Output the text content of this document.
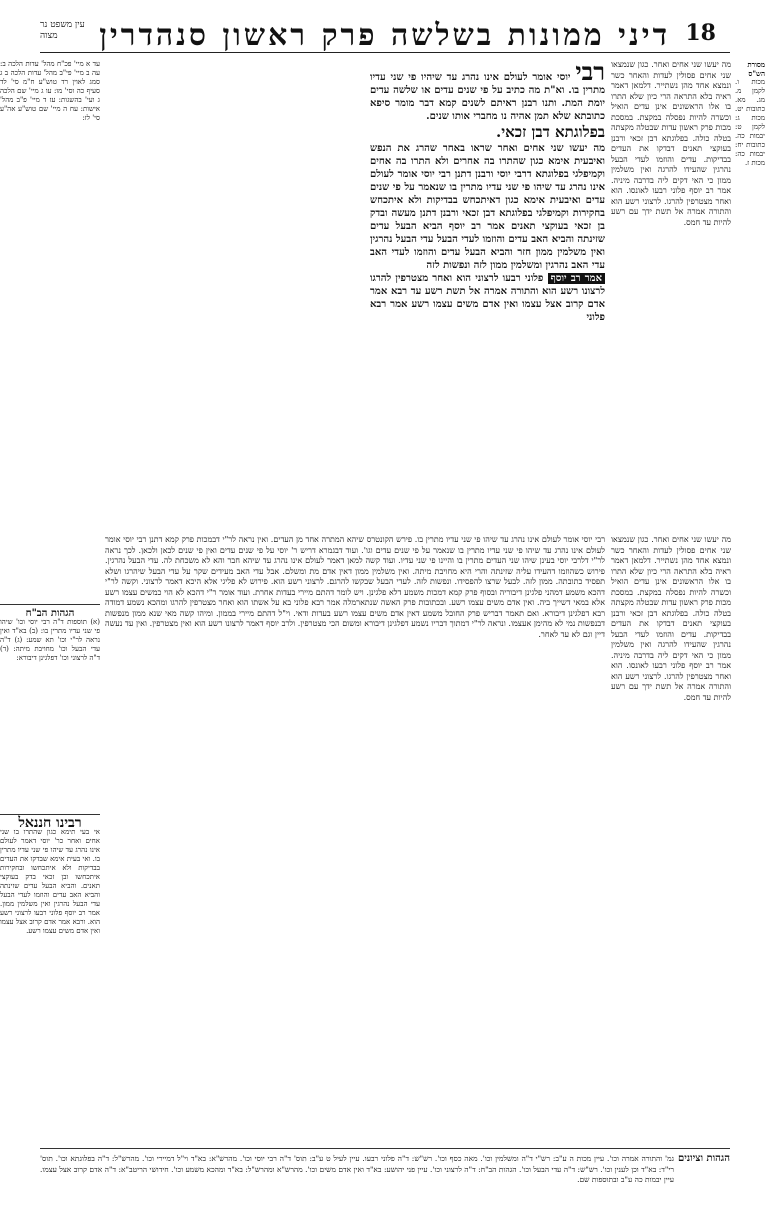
18
דיני ממונות בשלשה פרק ראשון סנהדרין
עין משפט נר מצוה

מסורת הש"ס

מכות ו. לקמן מ. מג. מא. כתובות יט. מכות ג: לקמן ט: יבמות כה. כתובות יח: יבמות כה: מכות ז.

מה יעשו שני אחים ואחר. כגון שנמצאו שני אחים פסולין לעדות והאחר כשר ונמצא אחד מהן נשתייר. דלמאן דאמר ראיה בלא התראה הרי כיון שלא התרו בו אלו הראשונים אינן עדים הואיל וכשרה להיות נפסלה במקצת. במסכת מכות פרק ראשון עדות שבטלה מקצתה בטלה כולה. בפלוגתא דבן זכאי ורבנן בעוקצי תאנים דבדקו את העדים בבדיקות. עדים והוזמו לעדי הבעל נהרגין שהעידו להרגה ואין משלמין ממון כי האי דקים ליה בדרבה מיניה. אמר רב יוסף פלוני רבעו לאונסו. הוא ואחר מצטרפין להרגו. לרצוני רשע הוא והתורה אמרה אל תשת ידך עם רשע להיות עד חמס.

רבי יוסי אומר לעולם אינו נהרג עד שיהיו פי שני עדיו מתרין בו. וא"ת מה כתיב על פי שנים עדים או שלשה עדים יומת המת. ותנו רבנן ראיתם לשנים קמא דבר מומר סיפא כתובתא שלא תמן אהיה נו מחברי אותו שנים.

בפלוגתא דבן זכאי.

מה יעשו שני אחים ואחר שראו באחר שהרג את הנפש ואיבעית אימא כגון שהתרו בה אחרים ולא התרו בה אחים וקמיפלגי בפלוגתא דרבי יוסי ורבנן דתנן רבי יוסי אומר לעולם אינו נהרג עד שיהו פי שני עדיו מתרין בו שנאמר על פי שנים עדים ואיבעית אימא כגון דאיתכחש בבדיקות ולא איתכחש בחקירות וקמיפלגי בפלוגתא דבן זכאי ורבנן דתנן מעשה ובדק בן זכאי בעוקצי תאנים אמר רב יוסף הביא הבעל עדים שזינתה והביא האב עדים והוזמו לעדי הבעל עדי הבעל נהרגין ואין משלמין ממון חזר והביא הבעל עדים והוזמו לעדי האב עדי האב נהרגין ומשלמין ממון לזה ונפשות לזה

אמר רב יוסף פלוני רבעו לרצוני הוא ואחר מצטרפין להרגו לרצונו רשע הוא והתורה אמרה אל תשת רשע עד רבא אמר אדם קרוב אצל עצמו ואין אדם משים עצמו רשע אמר רבא פלוני

רבי יוסי אומר לעולם אינו נהרג עד שיהו פי שני עדיו מתרין בו. פירש הקונטרס שיהא המתרה אחד מן העדים. ואין נראה לר"י דבמכות פרק קמא דתנן רבי יוסי אומר לעולם אינו נהרג עד שיהו פי שני עדיו מתרין בו שנאמר על פי שנים עדים וגו'. ועוד דבגמרא דריש ר' יוסי על פי שנים עדים ואין פי שנים לכאן ולכאן. לכך נראה לר"י דלרבי יוסי בעינן שיהו שני העדים מתרין בו והיינו פי שני עדיו. ועוד קשה למאן דאמר לעולם אינו נהרג עד שיהא חבר והא לא משכחת לה. עדי הבעל נהרגין. פירוש כשהוזמו דהעידו עליה שזינתה והרי היא מחויבת מיתה. ואין משלמין ממון דאין אדם מת ומשלם. אבל עדי האב מעידים שקר על עדי הבעל שיהרגו ושלא תפסיד כתובתה. ממון לזה. לבעל שרצו להפסידו. ונפשות לזה. לעדי הבעל שבקשו להרגם. לרצוני רשע הוא. פירוש לא פליגי אלא היכא דאמר לרצוני. וקשה לר"י דהכא משמע דמהני פלגינן דיבוריה ובסוף פרק קמא דמכות משמע דלא פלגינן. ויש לומר דהתם מיירי בעדות אחרת. ועוד אומר ר"י דהכא לא הוי כמשים עצמו רשע אלא במאי דשייך ביה. ואין אדם משים עצמו רשע. ובכתובות פרק האשה שנתארמלה אמר רבא פלוני בא על אשתו הוא ואחר מצטרפין להרגו ומהכא נשמע דמודה רבא דפלגינן דיבורא. ואם תאמר דבריש פרק החובל משמע דאין אדם משים עצמו רשע בעדות ודאי. וי"ל דהתם מיירי בממון. ומיהו קשה מאי שנא ממון מנפשות דבנפשות נמי לא מהימן אעצמו. ונראה לר"י דמתוך דבריו נשמע דפלגינן דיבורא ומשום הכי מצטרפין. ולרב יוסף דאמר לרצונו רשע הוא ואין מצטרפין. ואין עד נעשה דיין וגם לא עד לאחר.

מה יעשו שני אחים ואחר. כגון שנמצאו שני אחים פסולין לעדות והאחר כשר ונמצא אחד מהן נשתייר. דלמאן דאמר ראיה בלא התראה הרי כיון שלא התרו בו אלו הראשונים אינן עדים הואיל וכשרה להיות נפסלה במקצת. במסכת מכות פרק ראשון עדות שבטלה מקצתה בטלה כולה. בפלוגתא דבן זכאי ורבנן בעוקצי תאנים דבדקו את העדים בבדיקות. עדים והוזמו לעדי הבעל נהרגין שהעידו להרגה ואין משלמין ממון כי האי דקים ליה בדרבה מיניה. אמר רב יוסף פלוני רבעו לאונסו. הוא ואחר מצטרפין להרגו. לרצוני רשע הוא והתורה אמרה אל תשת ידך עם רשע להיות עד חמס.

עד א מיי' פכ"ח מהל' עדות הלכה ב: עה ב מיי' פי"ב מהל' עדות הלכה ב ג סמג לאוין רד טוש"ע ח"מ סי' לד סעיף כה וסי' מו: עו ג מיי' שם הלכה ג ועי' בהשגות: עז ד מיי' פ"ב מהל' אישות: עח ה מיי' שם טוש"ע אה"ע סי' לז:

הגהות הב"ח

(א) תוספות ד"ה רבי יוסי וכו' שיהו פי שני עדיו מתרין בו: (ב) בא"ד ואין נראה לר"י וכו' תא שמע: (ג) ד"ה עדי הבעל וכו' מחויבת מיתה: (ד) ד"ה לרצוני וכו' דפלגינן דיבורא:

רבינו חננאל

אי בעי תימא כגון שהתרו בו שני אחים ואחר כר' יוסי דאמר לעולם אינו נהרג עד שיהו פי שני עדיו מתרין בו. ואי בעית אימא שבדקו את העדים בבדיקות ולא איתכחשו ובחקירות איתכחשו ובן זכאי בדק בעוקצי תאנים. והביא הבעל עדים שזינתה והביא האב עדים והוזמו לעדי הבעל עדי הבעל נהרגין ואין משלמין ממון. אמר רב יוסף פלוני רבעו לרצוני רשע הוא. ורבא אמר אדם קרוב אצל עצמו ואין אדם משים עצמו רשע.

הגהות וציונים
גמ' והתורה אמרה וכו'. עיין מכות ה ע"ב: רש"י ד"ה ומשלמין וכו'. מאה כסף וכו'. רש"ש: ד"ה פלוני רבעו. עיין לעיל ט ע"ב: תוס' ד"ה רבי יוסי וכו'. מהרש"א: בא"ד וי"ל דמיירי וכו'. מהרש"ל: ד"ה בפלוגתא וכו'. תוס' רי"ד: בא"ד וכן לענין וכו'. רש"ש: ד"ה עדי הבעל וכו'. הגהות הב"ח: ד"ה לרצוני וכו'. עיין פני יהושע: בא"ד ואין אדם משים וכו'. מהרש"א ומהרש"ל: בא"ד ומהכא משמע וכו'. חידושי הריטב"א: ד"ה אדם קרוב אצל עצמו. עיין יבמות כה ע"ב ובתוספות שם.
